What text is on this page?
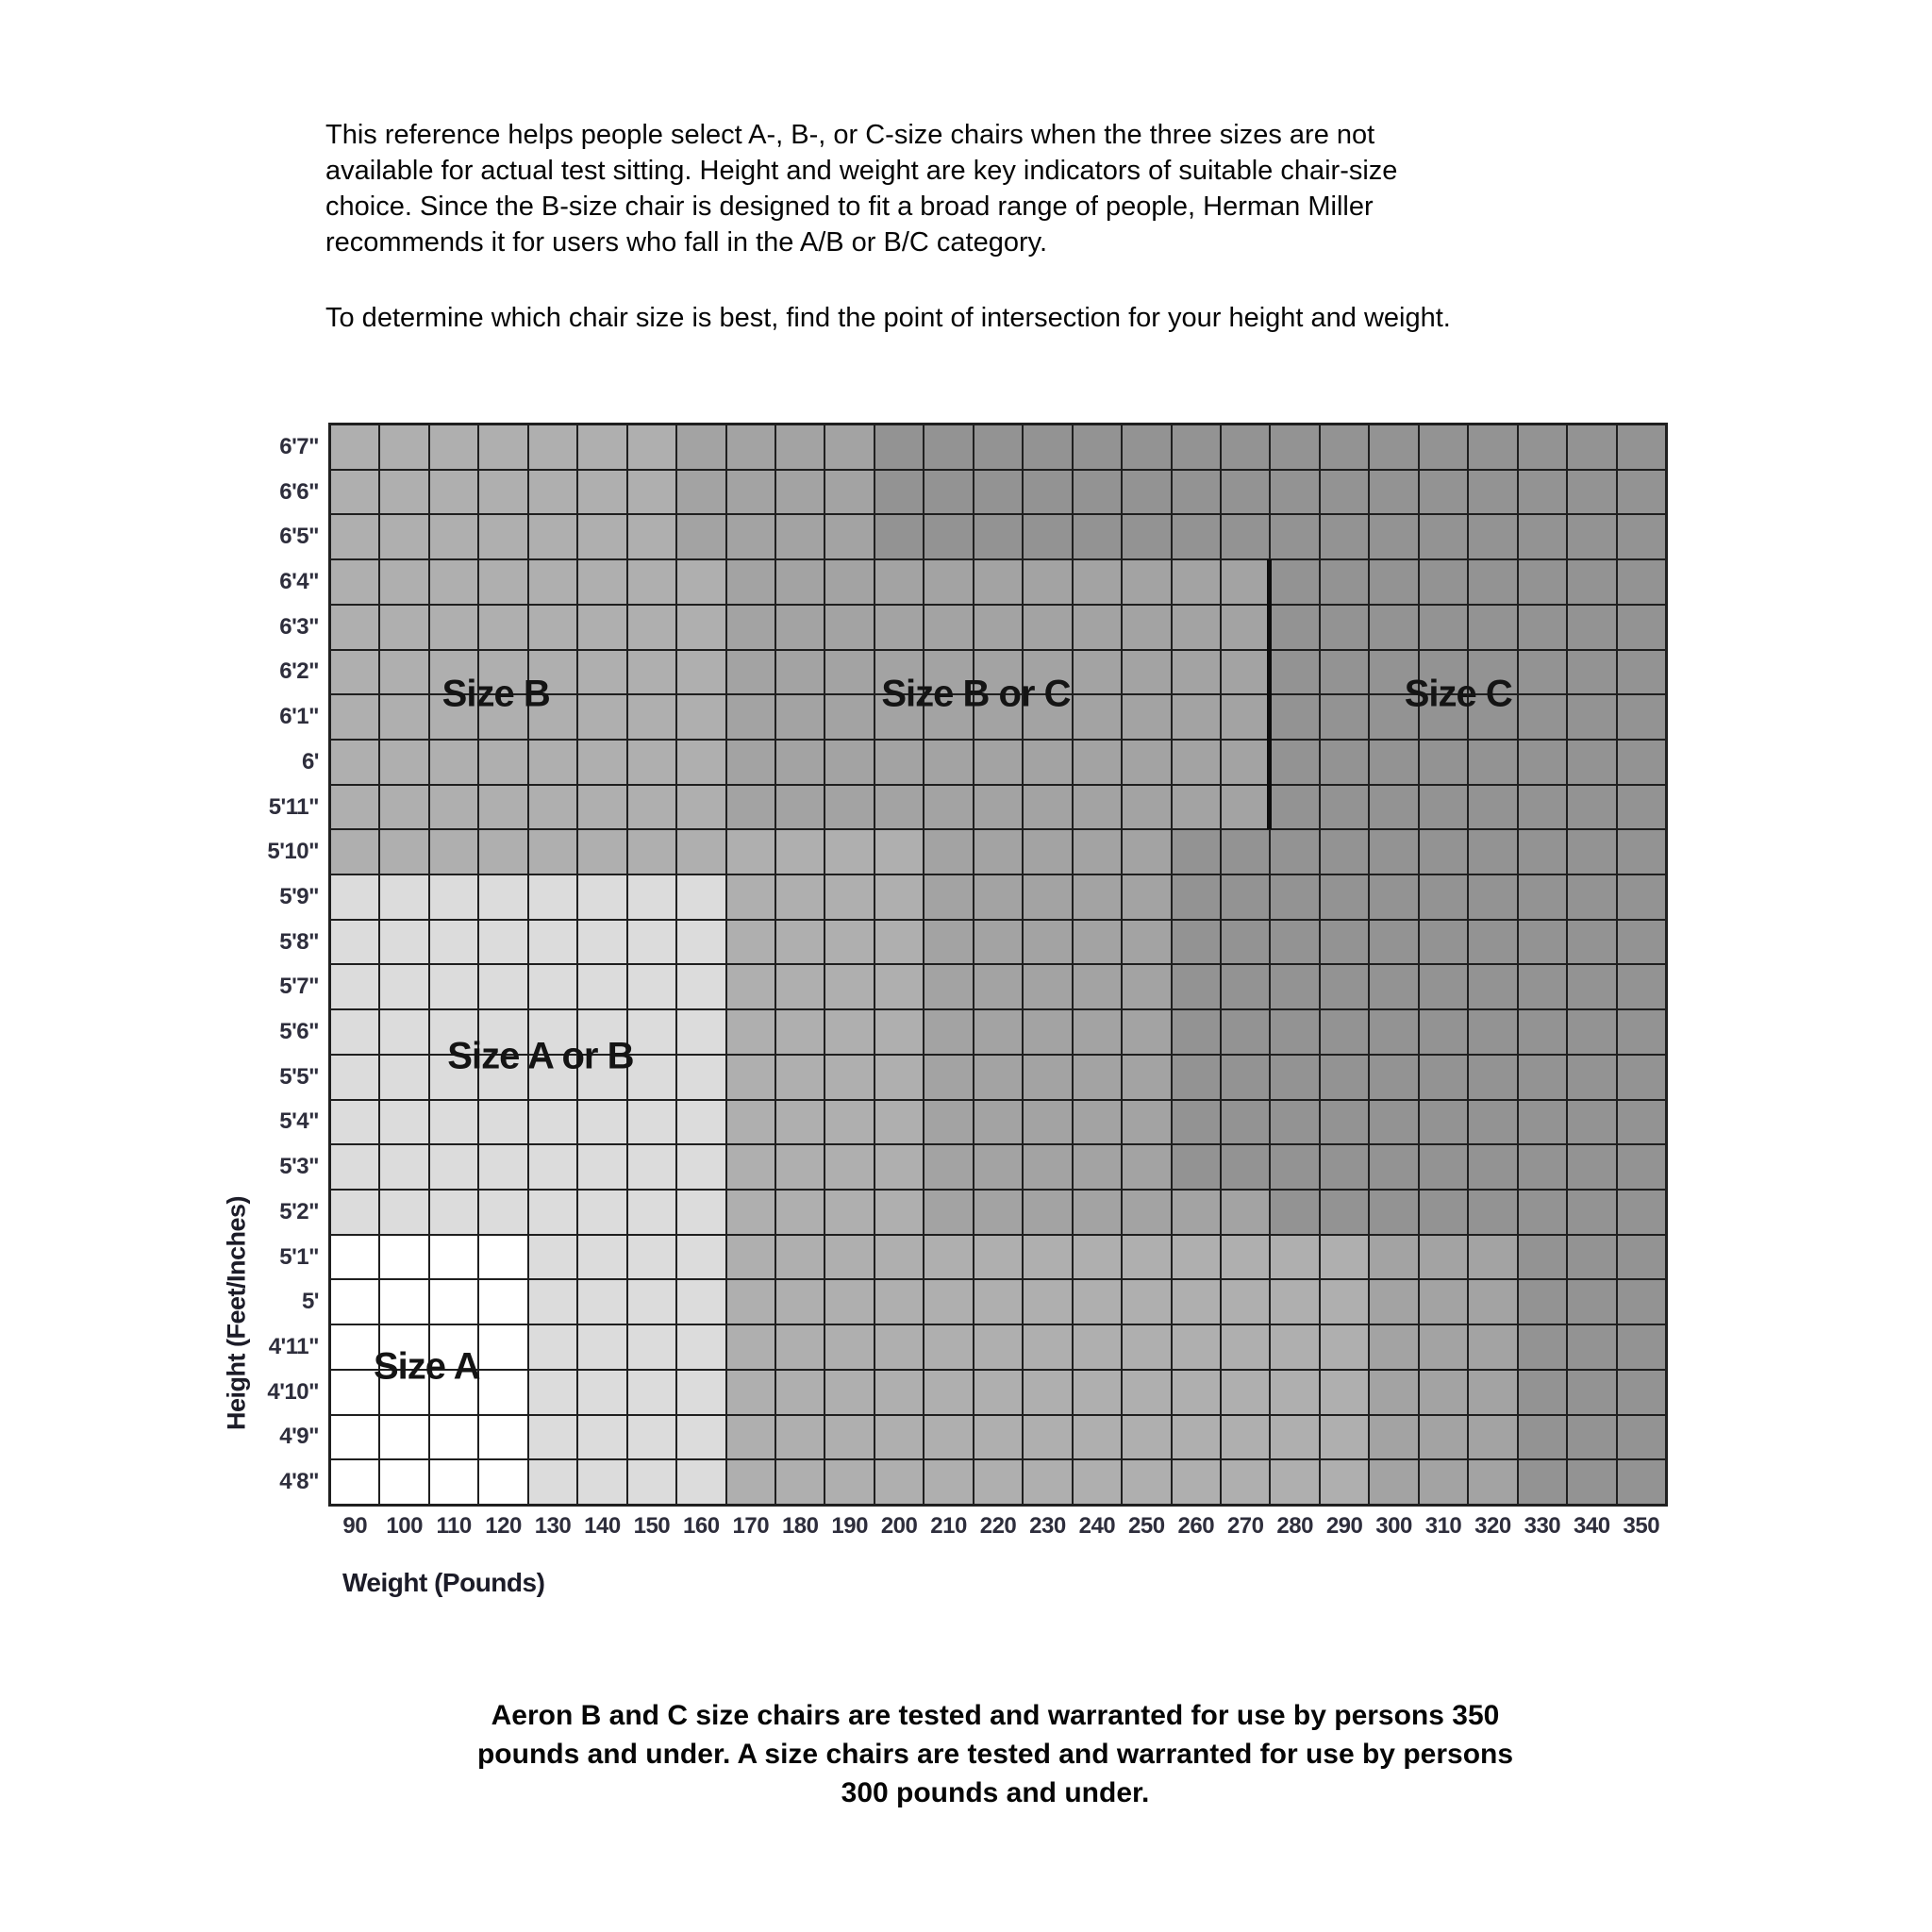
This reference helps people select A-, B-, or C-size chairs when the three sizes are not
available for actual test sitting. Height and weight are key indicators of suitable chair-size
choice. Since the B-size chair is designed to fit a broad range of people, Herman Miller
recommends it for users who fall in the A/B or B/C category.
To determine which chair size is best, find the point of intersection for your height and weight.
Size B	Size B or C	Size C
Size A or B
Size A
6'7"
6'6"
6'5"
6'4"
6'3"
6'2"
6'1"
6'
5'11"
5'10"
5'9"
5'8"
5'7"
5'6"
5'5"
5'4"
5'3"
5'2"
5'1"
5'
4'11"
4'10"
4'9"
4'8"
90 100 110 120 130 140 150 160 170 180 190 200 210 220 230 240 250 260 270 280 290 300 310 320 330 340 350
Height (Feet/Inches)
Weight (Pounds)
Aeron B and C size chairs are tested and warranted for use by persons 350
pounds and under. A size chairs are tested and warranted for use by persons
300 pounds and under.
